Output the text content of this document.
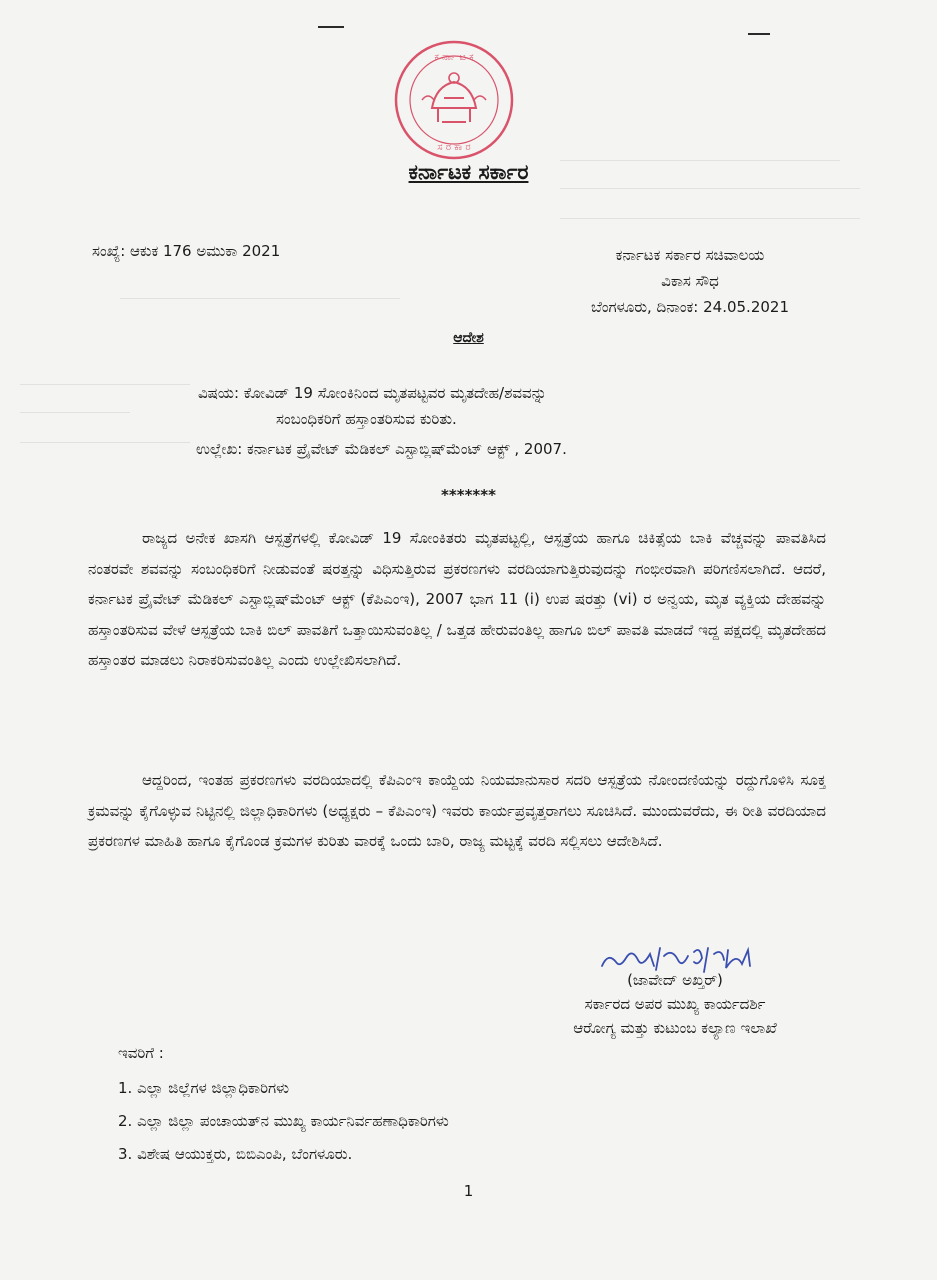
ಕ ರ್ನಾ ಟ ಕ
ಸ ರ ಕಾ ರ
ಕರ್ನಾಟಕ ಸರ್ಕಾರ
ಸಂಖ್ಯೆ: ಆಕುಕ 176 ಅಮುಕಾ 2021	ಕರ್ನಾಟಕ ಸರ್ಕಾರ ಸಚಿವಾಲಯ
ವಿಕಾಸ ಸೌಧ
ಬೆಂಗಳೂರು, ದಿನಾಂಕ: 24.05.2021
ಆದೇಶ
ವಿಷಯ: ಕೋವಿಡ್ 19 ಸೋಂಕಿನಿಂದ ಮೃತಪಟ್ಟವರ ಮೃತದೇಹ/ಶವವನ್ನು
ಸಂಬಂಧಿಕರಿಗೆ ಹಸ್ತಾಂತರಿಸುವ ಕುರಿತು.
ಉಲ್ಲೇಖ: ಕರ್ನಾಟಕ ಪ್ರೈವೇಟ್ ಮೆಡಿಕಲ್ ಎಸ್ಟಾಬ್ಲಿಷ್‌ಮೆಂಟ್ ಆಕ್ಟ್ , 2007.
*******
ರಾಜ್ಯದ ಅನೇಕ ಖಾಸಗಿ ಆಸ್ಪತ್ರೆಗಳಲ್ಲಿ ಕೋವಿಡ್ 19 ಸೋಂಕಿತರು ಮೃತಪಟ್ಟಲ್ಲಿ, ಆಸ್ಪತ್ರೆಯ ಹಾಗೂ ಚಿಕಿತ್ಸೆಯ ಬಾಕಿ ವೆಚ್ಚವನ್ನು ಪಾವತಿಸಿದ ನಂತರವೇ ಶವವನ್ನು ಸಂಬಂಧಿಕರಿಗೆ ನೀಡುವಂತೆ ಷರತ್ತನ್ನು ವಿಧಿಸುತ್ತಿರುವ ಪ್ರಕರಣಗಳು ವರದಿಯಾಗುತ್ತಿರುವುದನ್ನು ಗಂಭೀರವಾಗಿ ಪರಿಗಣಿಸಲಾಗಿದೆ. ಆದರೆ, ಕರ್ನಾಟಕ ಪ್ರೈವೇಟ್ ಮೆಡಿಕಲ್ ಎಸ್ಟಾಬ್ಲಿಷ್‌ಮೆಂಟ್ ಆಕ್ಟ್ (ಕೆಪಿಎಂಇ), 2007 ಭಾಗ 11 (i) ಉಪ ಷರತ್ತು (vi) ರ ಅನ್ವಯ, ಮೃತ ವ್ಯಕ್ತಿಯ ದೇಹವನ್ನು ಹಸ್ತಾಂತರಿಸುವ ವೇಳೆ ಆಸ್ಪತ್ರೆಯ ಬಾಕಿ ಬಿಲ್ ಪಾವತಿಗೆ ಒತ್ತಾಯಿಸುವಂತಿಲ್ಲ / ಒತ್ತಡ ಹೇರುವಂತಿಲ್ಲ ಹಾಗೂ ಬಿಲ್ ಪಾವತಿ ಮಾಡದೆ ಇದ್ದ ಪಕ್ಷದಲ್ಲಿ ಮೃತದೇಹದ ಹಸ್ತಾಂತರ ಮಾಡಲು ನಿರಾಕರಿಸುವಂತಿಲ್ಲ ಎಂದು ಉಲ್ಲೇಖಿಸಲಾಗಿದೆ.
ಆದ್ದರಿಂದ, ಇಂತಹ ಪ್ರಕರಣಗಳು ವರದಿಯಾದಲ್ಲಿ ಕೆಪಿಎಂಇ ಕಾಯ್ದೆಯ ನಿಯಮಾನುಸಾರ ಸದರಿ ಆಸ್ಪತ್ರೆಯ ನೋಂದಣಿಯನ್ನು ರದ್ದುಗೊಳಿಸಿ ಸೂಕ್ತ ಕ್ರಮವನ್ನು ಕೈಗೊಳ್ಳುವ ನಿಟ್ಟಿನಲ್ಲಿ ಜಿಲ್ಲಾಧಿಕಾರಿಗಳು (ಅಧ್ಯಕ್ಷರು – ಕೆಪಿಎಂಇ) ಇವರು ಕಾರ್ಯಪ್ರವೃತ್ತರಾಗಲು ಸೂಚಿಸಿದೆ. ಮುಂದುವರೆದು, ಈ ರೀತಿ ವರದಿಯಾದ ಪ್ರಕರಣಗಳ ಮಾಹಿತಿ ಹಾಗೂ ಕೈಗೊಂಡ ಕ್ರಮಗಳ ಕುರಿತು ವಾರಕ್ಕೆ ಒಂದು ಬಾರಿ, ರಾಜ್ಯ ಮಟ್ಟಕ್ಕೆ ವರದಿ ಸಲ್ಲಿಸಲು ಆದೇಶಿಸಿದೆ.
(ಜಾವೇದ್ ಅಖ್ತರ್)
ಸರ್ಕಾರದ ಅಪರ ಮುಖ್ಯ ಕಾರ್ಯದರ್ಶಿ
ಆರೋಗ್ಯ ಮತ್ತು ಕುಟುಂಬ ಕಲ್ಯಾಣ ಇಲಾಖೆ
ಇವರಿಗೆ :
1. ಎಲ್ಲಾ ಜಿಲ್ಲೆಗಳ ಜಿಲ್ಲಾಧಿಕಾರಿಗಳು
2. ಎಲ್ಲಾ ಜಿಲ್ಲಾ ಪಂಚಾಯತ್‌ನ ಮುಖ್ಯ ಕಾರ್ಯನಿರ್ವಹಣಾಧಿಕಾರಿಗಳು
3. ವಿಶೇಷ ಆಯುಕ್ತರು, ಬಿಬಿಎಂಪಿ, ಬೆಂಗಳೂರು.
1
